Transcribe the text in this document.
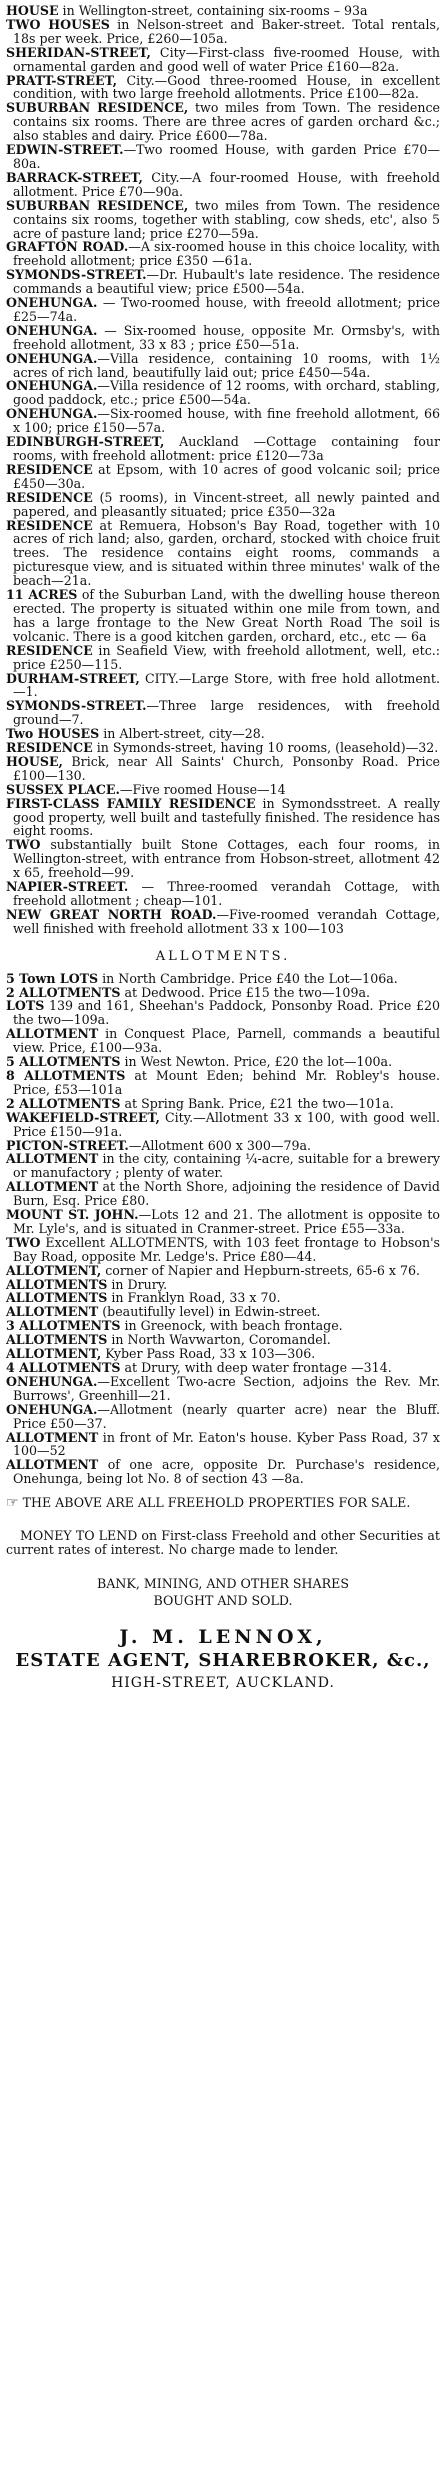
HOUSE in Wellington-street, containing six-rooms – 93a

TWO HOUSES in Nelson-street and Baker-street. Total rentals, 18s per week. Price, £260—105a.

SHERIDAN-STREET, City—First-class five-roomed House, with ornamental garden and good well of water Price £160—82a.

PRATT-STREET, City.—Good three-roomed House, in excellent condition, with two large freehold allotments. Price £100—82a.

SUBURBAN RESIDENCE, two miles from Town. The residence contains six rooms. There are three acres of garden orchard &c.; also stables and dairy. Price £600—78a.

EDWIN-STREET.—Two roomed House, with garden Price £70—80a.

BARRACK-STREET, City.—A four-roomed House, with freehold allotment. Price £70—90a.

SUBURBAN RESIDENCE, two miles from Town. The residence contains six rooms, together with stabling, cow sheds, etc', also 5 acre of pasture land; price £270—59a.

GRAFTON ROAD.—A six-roomed house in this choice locality, with freehold allotment; price £350 —61a.

SYMONDS-STREET.—Dr. Hubault's late residence. The residence commands a beautiful view; price £500—54a.

ONEHUNGA. — Two-roomed house, with freeold allotment; price £25—74a.

ONEHUNGA. — Six-roomed house, opposite Mr. Ormsby's, with freehold allotment, 33 x 83 ; price £50—51a.

ONEHUNGA.—Villa residence, containing 10 rooms, with 1½ acres of rich land, beautifully laid out; price £450—54a.

ONEHUNGA.—Villa residence of 12 rooms, with orchard, stabling, good paddock, etc.; price £500—54a.

ONEHUNGA.—Six-roomed house, with fine freehold allotment, 66 x 100; price £150—57a.

EDINBURGH-STREET, Auckland —Cottage containing four rooms, with freehold allotment: price £120—73a

RESIDENCE at Epsom, with 10 acres of good volcanic soil; price £450—30a.

RESIDENCE (5 rooms), in Vincent-street, all newly painted and papered, and pleasantly situated; price £350—32a

RESIDENCE at Remuera, Hobson's Bay Road, together with 10 acres of rich land; also, garden, orchard, stocked with choice fruit trees. The residence contains eight rooms, commands a picturesque view, and is situated within three minutes' walk of the beach—21a.

11 ACRES of the Suburban Land, with the dwelling house thereon erected. The property is situated within one mile from town, and has a large frontage to the New Great North Road The soil is volcanic. There is a good kitchen garden, orchard, etc., etc — 6a

RESIDENCE in Seafield View, with freehold allotment, well, etc.: price £250—115.

DURHAM-STREET, CITY.—Large Store, with free hold allotment.—1.

SYMONDS-STREET.—Three large residences, with freehold ground—7.

Two HOUSES in Albert-street, city—28.

RESIDENCE in Symonds-street, having 10 rooms, (leasehold)—32.

HOUSE, Brick, near All Saints' Church, Ponsonby Road. Price £100—130.

SUSSEX PLACE.—Five roomed House—14

FIRST-CLASS FAMILY RESIDENCE in Symondsstreet. A really good property, well built and tastefully finished. The residence has eight rooms.

TWO substantially built Stone Cottages, each four rooms, in Wellington-street, with entrance from Hobson-street, allotment 42 x 65, freehold—99.

NAPIER-STREET. — Three-roomed verandah Cottage, with freehold allotment ; cheap—101.

NEW GREAT NORTH ROAD.—Five-roomed verandah Cottage, well finished with freehold allotment 33 x 100—103

ALLOTMENTS.

5 Town LOTS in North Cambridge. Price £40 the Lot—106a.

2 ALLOTMENTS at Dedwood. Price £15 the two—109a.

LOTS 139 and 161, Sheehan's Paddock, Ponsonby Road. Price £20 the two—109a.

ALLOTMENT in Conquest Place, Parnell, commands a beautiful view. Price, £100—93a.

5 ALLOTMENTS in West Newton. Price, £20 the lot—100a.

8 ALLOTMENTS at Mount Eden; behind Mr. Robley's house. Price, £53—101a

2 ALLOTMENTS at Spring Bank. Price, £21 the two—101a.

WAKEFIELD-STREET, City.—Allotment 33 x 100, with good well. Price £150—91a.

PICTON-STREET.—Allotment 600 x 300—79a.

ALLOTMENT in the city, containing ¼-acre, suitable for a brewery or manufactory ; plenty of water.

ALLOTMENT at the North Shore, adjoining the residence of David Burn, Esq. Price £80.

MOUNT ST. JOHN.—Lots 12 and 21. The allotment is opposite to Mr. Lyle's, and is situated in Cranmer-street. Price £55—33a.

TWO Excellent ALLOTMENTS, with 103 feet frontage to Hobson's Bay Road, opposite Mr. Ledge's. Price £80—44.

ALLOTMENT, corner of Napier and Hepburn-streets, 65-6 x 76.

ALLOTMENTS in Drury.

ALLOTMENTS in Franklyn Road, 33 x 70.

ALLOTMENT (beautifully level) in Edwin-street.

3 ALLOTMENTS in Greenock, with beach frontage.

ALLOTMENTS in North Wavwarton, Coromandel.

ALLOTMENT, Kyber Pass Road, 33 x 103—306.

4 ALLOTMENTS at Drury, with deep water frontage —314.

ONEHUNGA.—Excellent Two-acre Section, adjoins the Rev. Mr. Burrows', Greenhill—21.

ONEHUNGA.—Allotment (nearly quarter acre) near the Bluff. Price £50—37.

ALLOTMENT in front of Mr. Eaton's house. Kyber Pass Road, 37 x 100—52

ALLOTMENT of one acre, opposite Dr. Purchase's residence, Onehunga, being lot No. 8 of section 43 —8a.

☞ THE ABOVE ARE ALL FREEHOLD PROPERTIES FOR SALE.

MONEY TO LEND on First-class Freehold and other Securities at current rates of interest. No charge made to lender.

BANK, MINING, AND OTHER SHARES
BOUGHT AND SOLD.
J. M. LENNOX,
ESTATE AGENT, SHAREBROKER, &c.,
HIGH-STREET, AUCKLAND.
